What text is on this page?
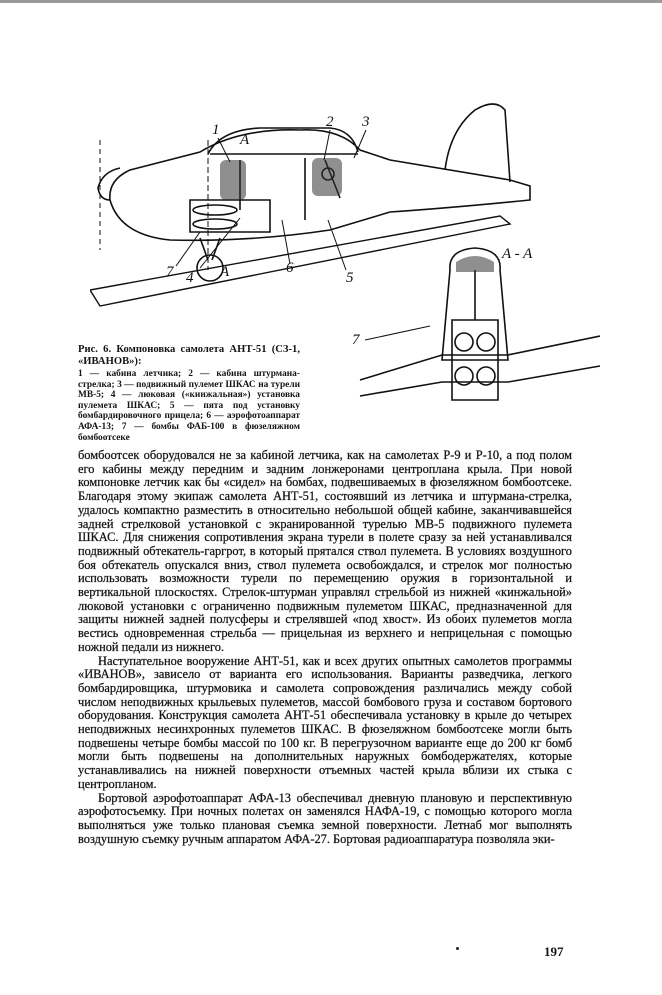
1	2 3
4	5
6
7
7
A
A
A - A
Рис. 6. Компоновка самолета АНТ-51 (СЗ-1, «ИВАНОВ»):
1 — кабина летчика; 2 — кабина штурмана-стрелка; 3 — подвижный пулемет ШКАС на турели МВ-5; 4 — люковая («кинжальная») установка пулемета ШКАС; 5 — пята под установку бомбардировочного прицела; 6 — аэрофотоаппарат АФА-13; 7 — бомбы ФАБ-100 в фюзеляжном бомбоотсеке

бомбоотсек оборудовался не за кабиной летчика, как на самолетах Р-9 и Р-10, а под полом его кабины между передним и задним лонжеронами центроплана крыла. При новой компоновке летчик как бы «сидел» на бомбах, подвешиваемых в фюзеляжном бомбоотсеке. Благодаря этому экипаж самолета АНТ-51, состоявший из летчика и штурмана-стрелка, удалось компактно разместить в относительно небольшой общей кабине, заканчивавшейся задней стрелковой установкой с экранированной турелью МВ-5 подвижного пулемета ШКАС. Для снижения сопротивления экрана турели в полете сразу за ней устанавливался подвижный обтекатель-гаргрот, в который прятался ствол пулемета. В условиях воздушного боя обтекатель опускался вниз, ствол пулемета освобождался, и стрелок мог полностью использовать возможности турели по перемещению оружия в горизонтальной и вертикальной плоскостях. Стрелок-штурман управлял стрельбой из нижней «кинжальной» люковой установки с ограниченно подвижным пулеметом ШКАС, предназначенной для защиты нижней задней полусферы и стрелявшей «под хвост». Из обоих пулеметов могла вестись одновременная стрельба — прицельная из верхнего и неприцельная с помощью ножной педали из нижнего.

Наступательное вооружение АНТ-51, как и всех других опытных самолетов программы «ИВАНОВ», зависело от варианта его использования. Варианты разведчика, легкого бомбардировщика, штурмовика и самолета сопровождения различались между собой числом неподвижных крыльевых пулеметов, массой бомбового груза и составом бортового оборудования. Конструкция самолета АНТ-51 обеспечивала установку в крыле до четырех неподвижных несинхронных пулеметов ШКАС. В фюзеляжном бомбоотсеке могли быть подвешены четыре бомбы массой по 100 кг. В перегрузочном варианте еще до 200 кг бомб могли быть подвешены на дополнительных наружных бомбодержателях, которые устанавливались на нижней поверхности отъемных частей крыла вблизи их стыка с центропланом.

Бортовой аэрофотоаппарат АФА-13 обеспечивал дневную плановую и перспективную аэрофотосъемку. При ночных полетах он заменялся НАФА-19, с помощью которого могла выполняться уже только плановая съемка земной поверхности. Летнаб мог выполнять воздушную съемку ручным аппаратом АФА-27. Бортовая радиоаппаратура позволяла эки-

197
